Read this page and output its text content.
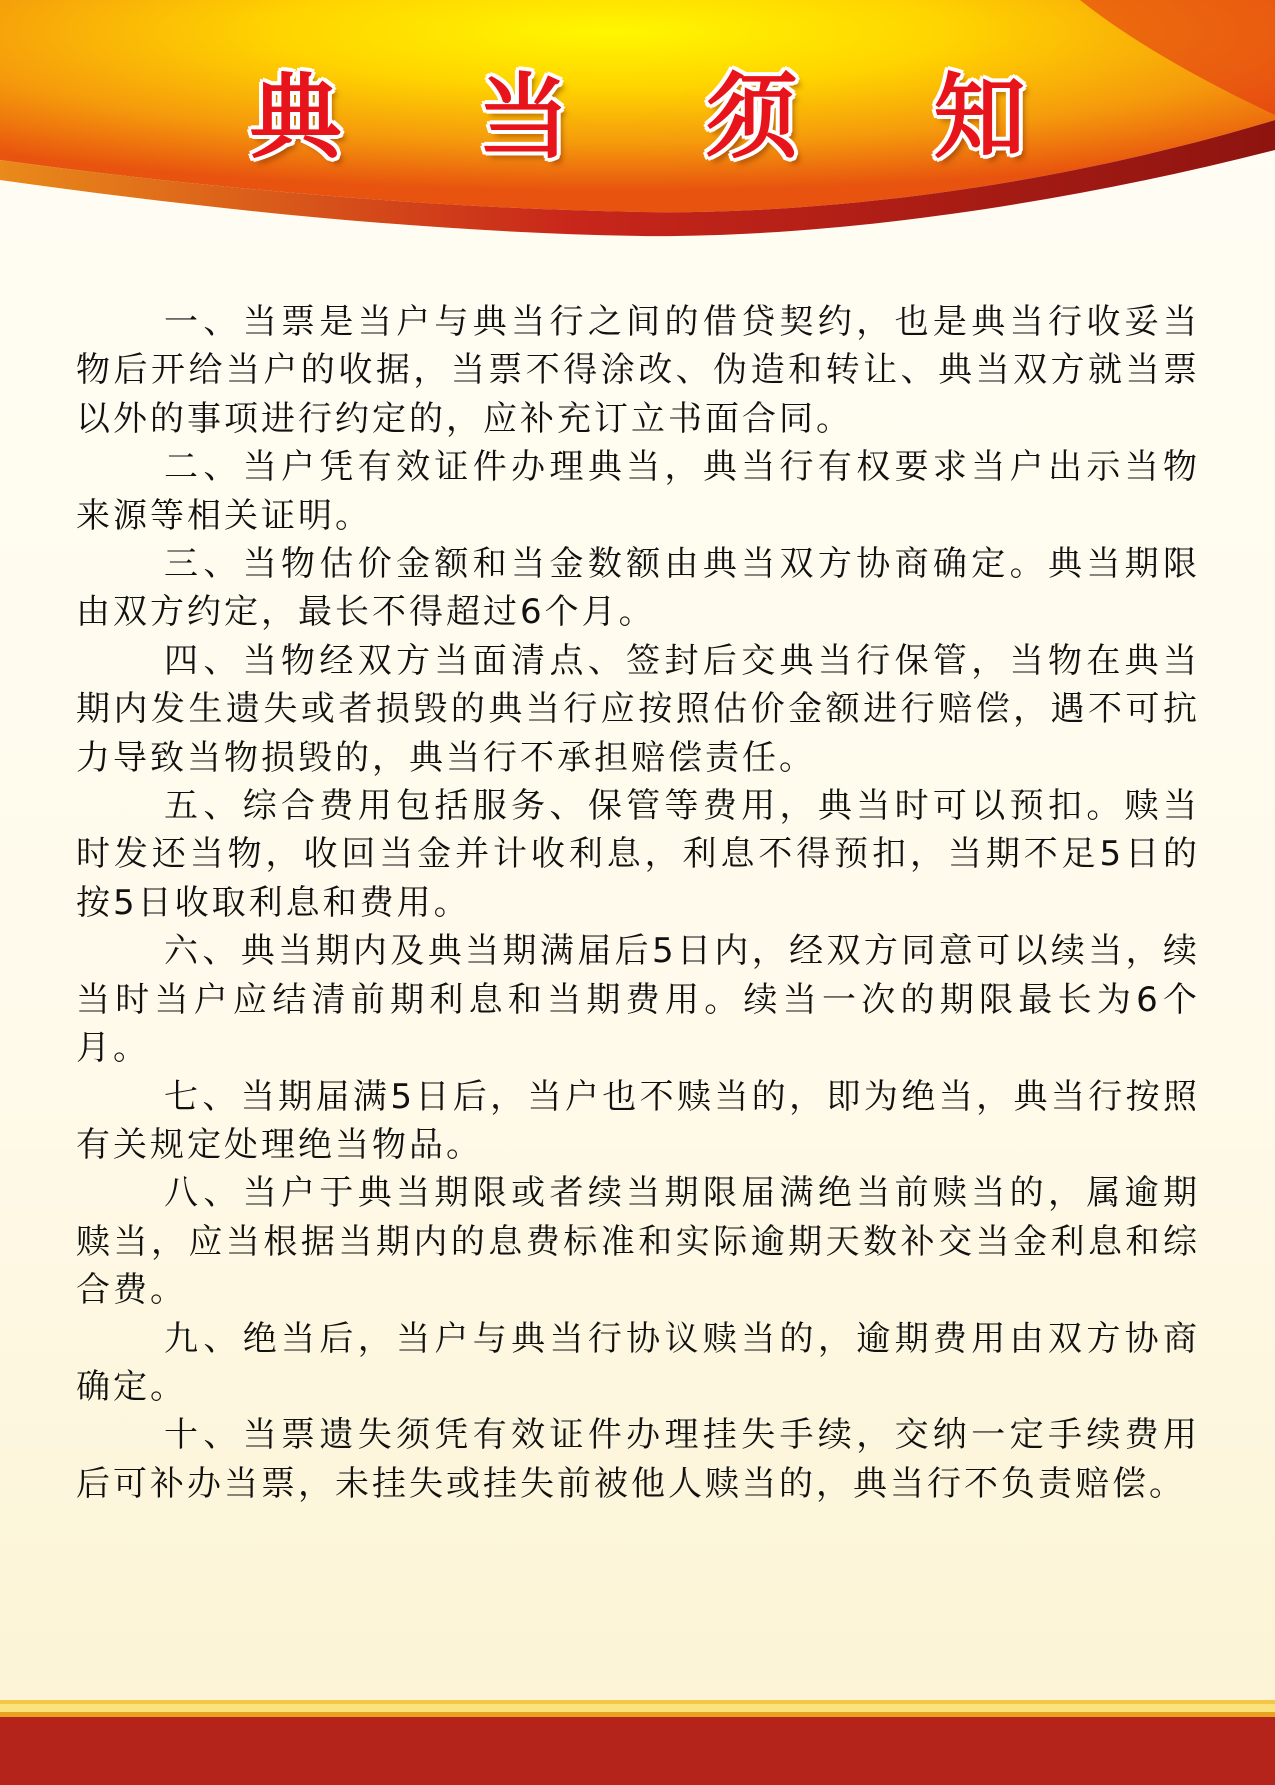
典 当 须 知

一、当票是当户与典当行之间的借贷契约，也是典当行收妥当物后开给当户的收据，当票不得涂改、伪造和转让、典当双方就当票以外的事项进行约定的，应补充订立书面合同。

二、当户凭有效证件办理典当，典当行有权要求当户出示当物来源等相关证明。

三、当物估价金额和当金数额由典当双方协商确定。典当期限由双方约定，最长不得超过6个月。

四、当物经双方当面清点、签封后交典当行保管，当物在典当期内发生遗失或者损毁的典当行应按照估价金额进行赔偿，遇不可抗力导致当物损毁的，典当行不承担赔偿责任。

五、综合费用包括服务、保管等费用，典当时可以预扣。赎当时发还当物，收回当金并计收利息，利息不得预扣，当期不足5日的按5日收取利息和费用。

六、典当期内及典当期满届后5日内，经双方同意可以续当，续当时当户应结清前期利息和当期费用。续当一次的期限最长为6个月。

七、当期届满5日后，当户也不赎当的，即为绝当，典当行按照有关规定处理绝当物品。

八、当户于典当期限或者续当期限届满绝当前赎当的，属逾期赎当，应当根据当期内的息费标准和实际逾期天数补交当金利息和综合费。

九、绝当后，当户与典当行协议赎当的，逾期费用由双方协商确定。

十、当票遗失须凭有效证件办理挂失手续，交纳一定手续费用后可补办当票，未挂失或挂失前被他人赎当的，典当行不负责赔偿。
